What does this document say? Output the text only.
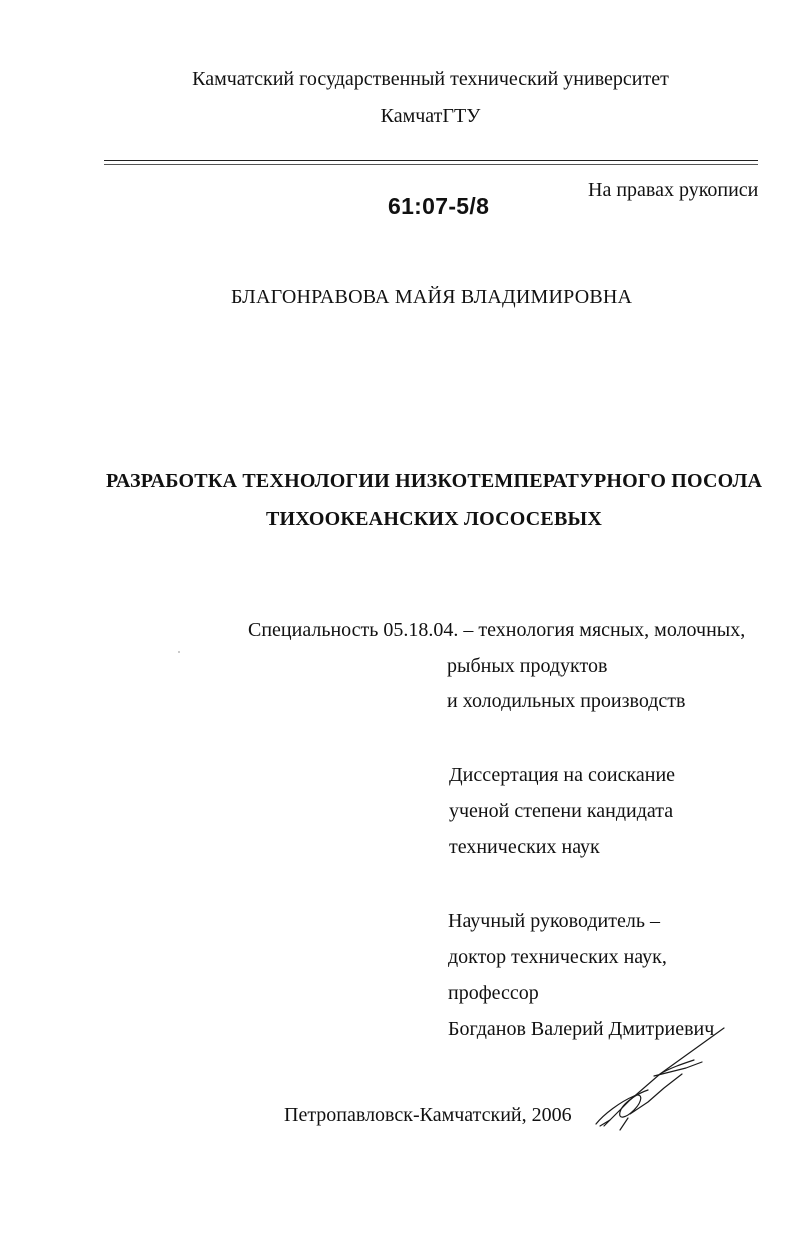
Камчатский государственный технический университет
КамчатГТУ
На правах рукописи
61:07-5/8
БЛАГОНРАВОВА МАЙЯ ВЛАДИМИРОВНА
РАЗРАБОТКА ТЕХНОЛОГИИ НИЗКОТЕМПЕРАТУРНОГО ПОСОЛА
ТИХООКЕАНСКИХ ЛОСОСЕВЫХ
Специальность 05.18.04. – технология мясных, молочных,
рыбных продуктов
и холодильных производств
Диссертация на соискание
ученой степени кандидата
технических наук
Научный руководитель –
доктор технических наук,
профессор
Богданов Валерий Дмитриевич
Петропавловск-Камчатский, 2006
